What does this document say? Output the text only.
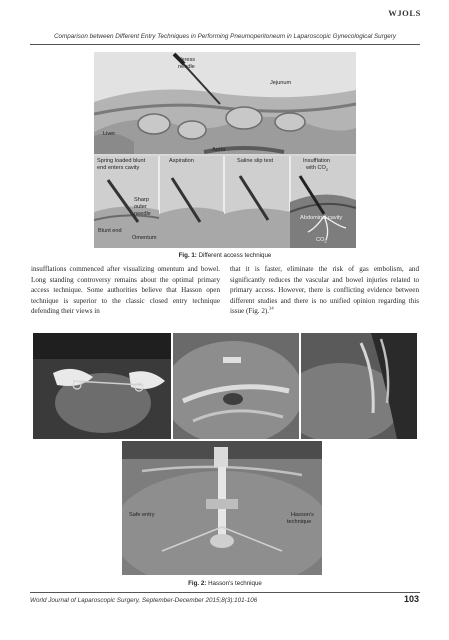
WJOLS
Comparison between Different Entry Techniques in Performing Pneumoperitoneum in Laparoscopic Gynecological Surgery
Veress
needle
Jejunum
Liver
Aorta
Spring loaded blunt
end enters cavity
Aspiration	Saline slip test	Insufflation
with $CO_2$
Sharp
outer
needle
Blunt end
Omentum
Abdominal cavity
$CO_2$
Fig. 1: Different access technique
insufflations commenced after visualizing omentum and bowel. Long standing controversy remains about the optimal primary access technique. Some authorities believe that Hasson open technique is superior to the classic closed entry technique defending their views in
that it is faster, eliminate the risk of gas embolism, and significantly reduces the vascular and bowel injuries related to primary access. However, there is conflicting evidence between different studies and there is no unified opinion regarding this issue (Fig. 2).$^{34}$
Safe entry	Hasson's
technique
Fig. 2: Hasson's technique
World Journal of Laparoscopic Surgery, September-December 2015;8(3):101-106	103
